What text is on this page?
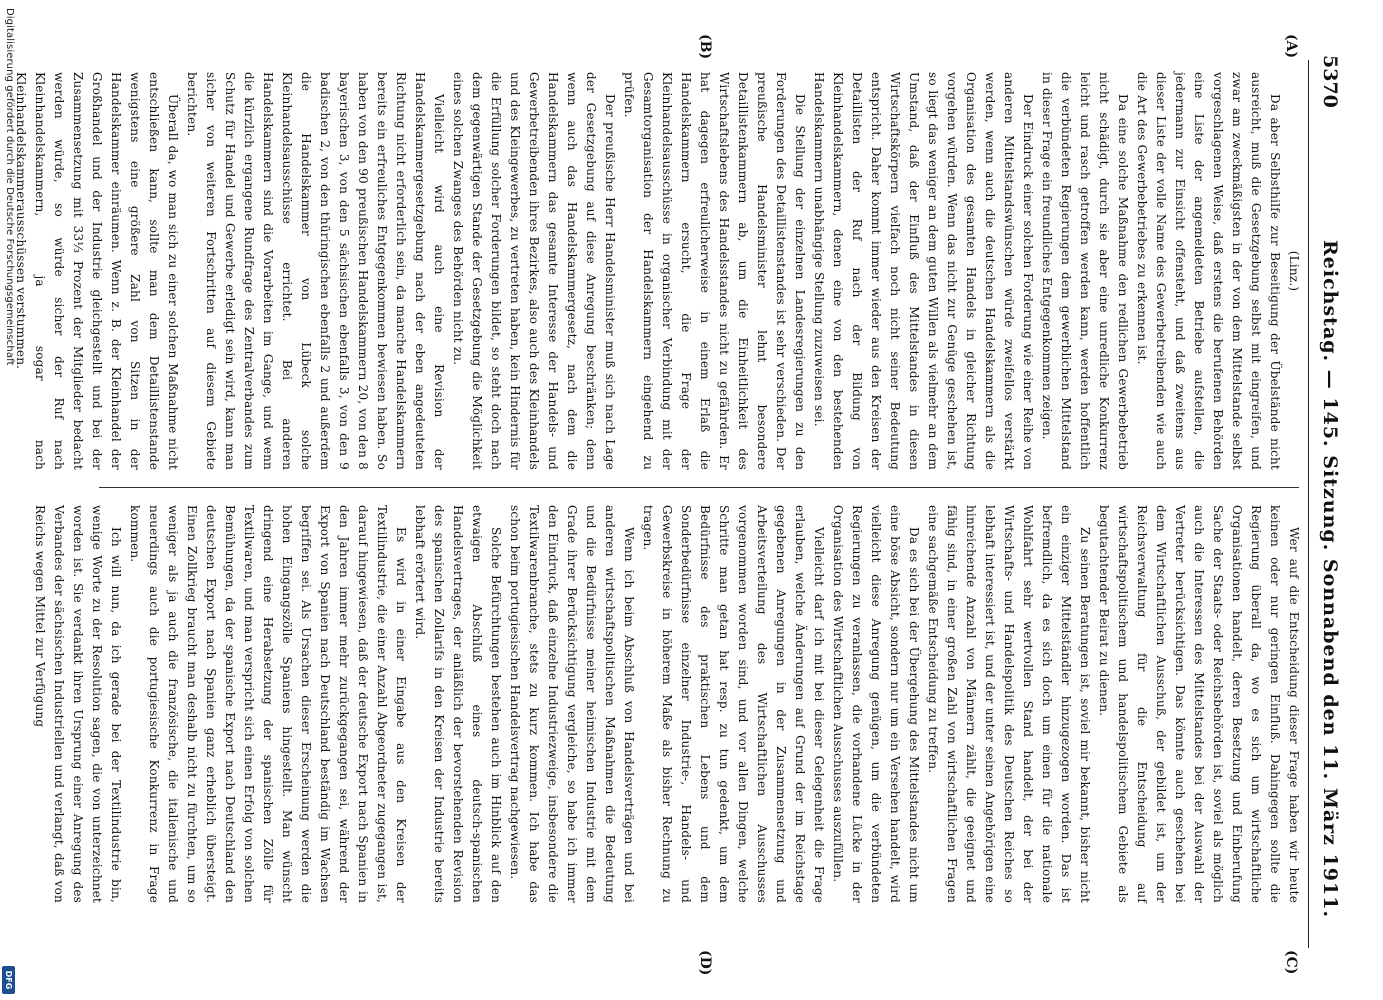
5370
Reichstag. — 145. Sitzung. Sonnabend den 11. März 1911.
(A)
(B)
(C)
(D)

(Linz.)

Da aber Selbsthilfe zur Beseitigung der Übelstände nicht ausreicht, muß die Gesetzgebung selbst mit eingreifen, und zwar am zweckmäßigsten in der von dem Mittelstande selbst vorgeschlagenen Weise, daß erstens die berufenen Behörden eine Liste der angemeldeten Betriebe aufstellen, die jedermann zur Einsicht offensteht, und daß zweitens aus dieser Liste der volle Name des Gewerbetreibenden wie auch die Art des Gewerbebetriebes zu erkennen ist.

Da eine solche Maßnahme den redlichen Gewerbebetrieb nicht schädigt, durch sie aber eine unredliche Konkurrenz leicht und rasch getroffen werden kann, werden hoffentlich die verbündeten Regierungen dem gewerblichen Mittelstand in dieser Frage ein freundliches Entgegenkommen zeigen.

Der Eindruck einer solchen Forderung wie einer Reihe von anderen Mittelstandswünschen würde zweifellos verstärkt werden, wenn auch die deutschen Handelskammern als die Organisation des gesamten Handels in gleicher Richtung vorgehen würden. Wenn das nicht zur Genüge geschehen ist, so liegt das weniger an dem guten Willen als vielmehr an dem Umstand, daß der Einfluß des Mittelstandes in diesen Wirtschaftskörpern vielfach noch nicht seiner Bedeutung entspricht. Daher kommt immer wieder aus den Kreisen der Detaillisten der Ruf nach der Bildung von Kleinhandelskammern, denen eine von den bestehenden Handelskammern unabhängige Stellung zuzuweisen sei.

Die Stellung der einzelnen Landesregierungen zu den Forderungen des Detaillistenstandes ist sehr verschieden. Der preußische Handelsminister lehnt besondere Detaillistenkammern ab, um die Einheitlichkeit des Wirtschaftslebens des Handelsstandes nicht zu gefährden. Er hat dagegen erfreulicherweise in einem Erlaß die Handelskammern ersucht, die Frage der Kleinhandelsausschüsse in organischer Verbindung mit der Gesamtorganisation der Handelskammern eingehend zu prüfen.

Der preußische Herr Handelsminister muß sich nach Lage der Gesetzgebung auf diese Anregung beschränken; denn wenn auch das Handelskammergesetz, nach dem die Handelskammern das gesamte Interesse der Handels- und Gewerbetreibenden ihres Bezirkes, also auch des Kleinhandels und des Kleingewerbes, zu vertreten haben, kein Hindernis für die Erfüllung solcher Forderungen bildet, so steht doch nach dem gegenwärtigen Stande der Gesetzgebung die Möglichkeit eines solchen Zwanges des Behörden nicht zu.

Vielleicht wird auch eine Revision der Handelskammergesetzgebung nach der eben angedeuteten Richtung nicht erforderlich sein, da manche Handelskammern bereits ein erfreuliches Entgegenkommen bewiesen haben. So haben von den 90 preußischen Handelskammern 20, von den 8 bayerischen 3, von den 5 sächsischen ebenfalls 3, von den 9 badischen 2, von den thüringischen ebenfalls 2 und außerdem die Handelskammer von Lübeck solche Kleinhandelsausschüsse errichtet. Bei anderen Handelskammern sind die Vorarbeiten im Gange, und wenn die kürzlich ergangene Rundfrage des Zentralverbandes zum Schutz für Handel und Gewerbe erledigt sein wird, kann man sicher von weiteren Fortschritten auf diesem Gebiete berichten.

Überall da, wo man sich zu einer solchen Maßnahme nicht entschließen kann, sollte man dem Detaillistenstande wenigstens eine größere Zahl von Sitzen in der Handelskammer einräumen. Wenn z. B. der Kleinhandel der Großhandel und der Industrie gleichgestellt und bei der Zusammensetzung mit 33⅓ Prozent der Mitglieder bedacht werden würde, so würde sicher der Ruf nach Kleinhandelskammern, ja sogar nach Kleinhandelskammerausschüssen verstummen.

Wer auf die Entscheidung dieser Frage haben wir heute keinen oder nur geringen Einfluß. Dahingegen sollte die Regierung überall da, wo es sich um wirtschaftliche Organisationen handelt, deren Besetzung und Einberufung Sache der Staats- oder Reichsbehörden ist, soviel als möglich auch die Interessen des Mittelstandes bei der Auswahl der Vertreter berücksichtigen. Das könnte auch geschehen bei dem Wirtschaftlichen Ausschuß, der gebildet ist, um der Reichsverwaltung für die Entscheidung auf wirtschaftspolitischem und handelspolitischem Gebiete als begutachtender Beirat zu dienen.

Zu seinen Beratungen ist, soviel mir bekannt, bisher nicht ein einziger Mittelständler hinzugezogen worden. Das ist befremdlich, da es sich doch um einen für die nationale Wohlfahrt sehr wertvollen Stand handelt, der bei der Wirtschafts- und Handelspolitik des Deutschen Reiches so lebhaft interessiert ist, und der unter seinen Angehörigen eine hinreichende Anzahl von Männern zählt, die geeignet und fähig sind, in einer großen Zahl von wirtschaftlichen Fragen eine sachgemäße Entscheidung zu treffen.

Da es sich bei der Übergehung des Mittelstandes nicht um eine böse Absicht, sondern nur um ein Versehen handelt, wird vielleicht diese Anregung genügen, um die verbündeten Regierungen zu veranlassen, die vorhandene Lücke in der Organisation des Wirtschaftlichen Ausschusses auszufüllen.

Vielleicht darf ich mit bei dieser Gelegenheit die Frage erlauben, welche Änderungen auf Grund der im Reichstage gegebenen Anregungen in der Zusammensetzung und Arbeitsverteilung des Wirtschaftlichen Ausschusses vorgenommen worden sind, und vor allen Dingen, welche Schritte man getan hat resp. zu tun gedenkt, um dem Bedürfnisse des praktischen Lebens und dem Sonderbedürfnisse einzelner Industrie-, Handels- und Gewerbskreise in höherem Maße als bisher Rechnung zu tragen.

Wenn ich beim Abschluß von Handelsverträgen und bei anderen wirtschaftspolitischen Maßnahmen die Bedeutung und die Bedürfnisse meiner heimischen Industrie mit dem Grade ihrer Berücksichtigung vergleiche, so habe ich immer den Eindruck, daß einzelne Industriezweige, insbesondere die Textilwarenbranche, stets zu kurz kommen. Ich habe das schon beim portugiesischen Handelsvertrag nachgewiesen.

Solche Befürchtungen bestehen auch im Hinblick auf den etwaigen Abschluß eines deutsch-spanischen Handelsvertrages, der anläßlich der bevorstehenden Revision des spanischen Zollarifs in den Kreisen der Industrie bereits lebhaft erörtert wird.

Es wird in einer Eingabe aus den Kreisen der Textilindustrie, die einer Anzahl Abgeordneter zugegangen ist, darauf hingewiesen, daß der deutsche Export nach Spanien in den Jahren immer mehr zurückgegangen sei, während der Export von Spanien nach Deutschland beständig im Wachsen begriffen sei. Als Ursachen dieser Erscheinung werden die hohen Eingangszölle Spaniens hingestellt. Man wünscht dringend eine Herabsetzung der spanischen Zölle für Textilwaren, und man verspricht sich einen Erfolg von solchen Bemühungen, da der spanische Export nach Deutschland den deutschen Export nach Spanien ganz erheblich übersteigt. Einen Zollkrieg braucht man deshalb nicht zu fürchten, um so weniger als ja auch die französische, die italienische und neuerdings auch die portugiesische Konkurrenz in Frage kommen.

Ich will nun, da ich gerade bei der Textilindustrie bin, wenige Worte zu der Resolution sagen, die von unterzeichnet worden ist. Sie verdankt ihren Ursprung einer Anregung des Verbandes der sächsischen Industriellen und verlangt, daß von Reichs wegen Mittel zur Verfügung

Digitalisierung gefördert durch die Deutsche Forschungsgemeinschaft
DFG
